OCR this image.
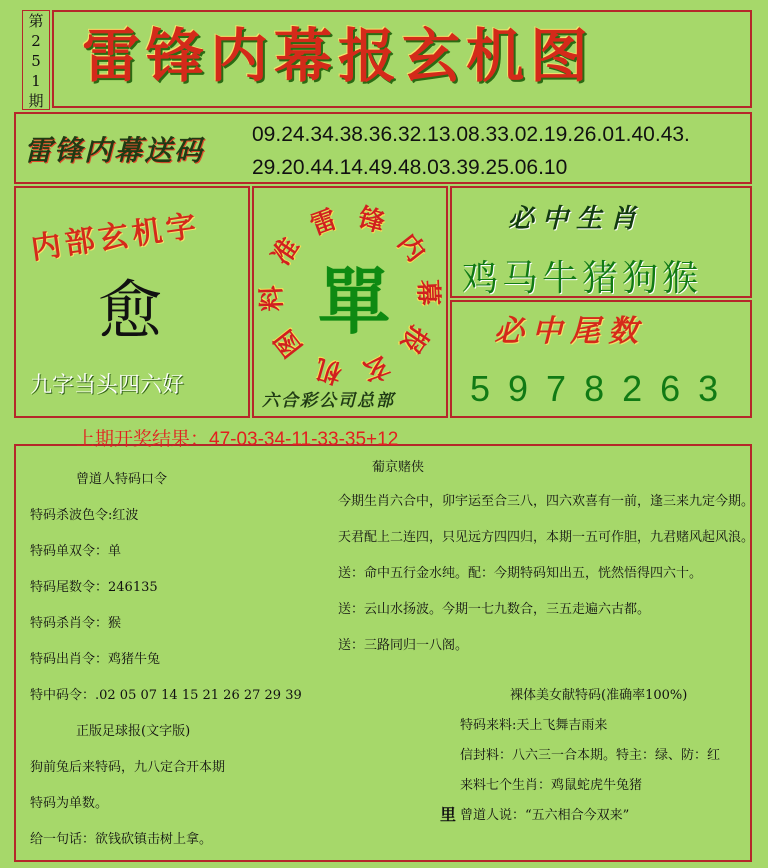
第
2
5
1
期
雷锋内幕报玄机图
雷锋内幕送码	09.24.34.38.36.32.13.08.33.02.19.26.01.40.43.
29.20.44.14.49.48.03.39.25.06.10
内部玄机字
愈
九字当头四六好
單
雷 锋
内
幕
报
玄
机
图
料
准
六合彩公司总部
必中生肖
鸡马牛猪狗猴
必中尾数
5978263
上期开奖结果：47-03-34-11-33-35+12
曾道人特码口令
特码杀波色令:红波
特码单双令：单
特码尾数令：246135
特码杀肖令：猴
特码出肖令：鸡猪牛兔
特中码令：.02 05 07 14 15 21 26 27 29 39
正版足球报(文字版)
狗前兔后来特码，九八定合开本期
特码为单数。
给一句话：欲钱砍镇击树上拿。
葡京赌侠
今期生肖六合中，卯宇运至合三八，四六欢喜有一前，逢三来九定今期。
天君配上二连四，只见远方四四归，本期一五可作胆，九君赌风起风浪。
送：命中五行金水纯。配：今期特码知出五，恍然悟得四六十。
送：云山水扬波。今期一七九数合，三五走遍六古都。
送：三路同归一八阁。
裸体美女献特码(准确率100%)
特码来料:天上飞舞吉雨来
信封料：八六三一合本期。特主：绿、防：红
来料七个生肖：鸡鼠蛇虎牛兔猪
里 曾道人说：“五六相合今双来”
